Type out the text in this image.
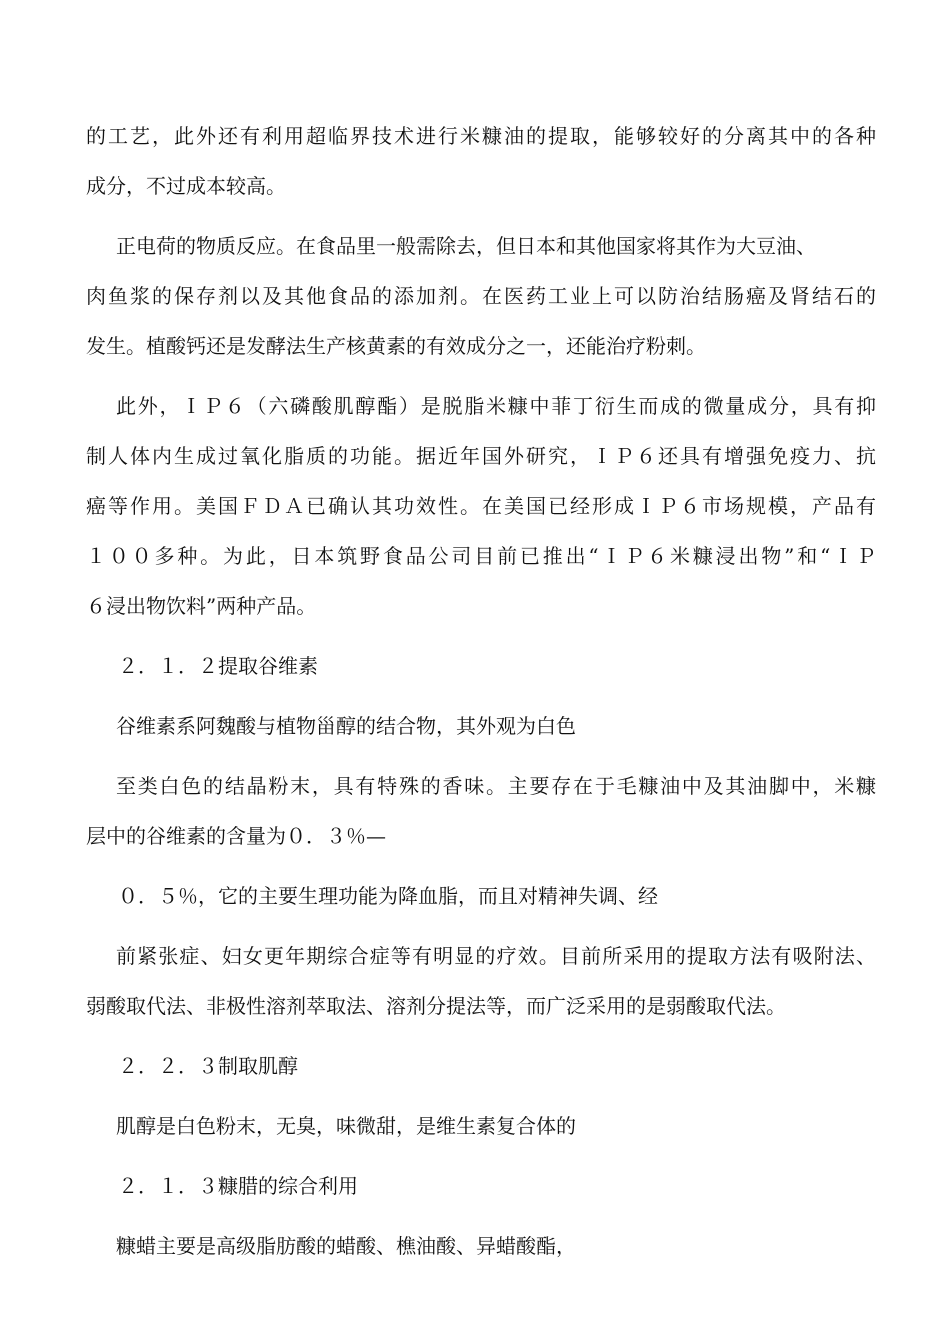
的工艺，此外还有利用超临界技术进行米糠油的提取，能够较好的分离其中的各种
成分，不过成本较高。
正电荷的物质反应。在食品里一般需除去，但日本和其他国家将其作为大豆油、
肉鱼浆的保存剂以及其他食品的添加剂。在医药工业上可以防治结肠癌及肾结石的
发生。植酸钙还是发酵法生产核黄素的有效成分之一，还能治疗粉刺。
此外，ＩＰ６（六磷酸肌醇酯）是脱脂米糠中菲丁衍生而成的微量成分，具有抑
制人体内生成过氧化脂质的功能。据近年国外研究，ＩＰ６还具有增强免疫力、抗
癌等作用。美国ＦＤＡ已确认其功效性。在美国已经形成ＩＰ６市场规模，产品有
１００多种。为此，日本筑野食品公司目前已推出“ＩＰ６米糠浸出物”和“ＩＰ
６浸出物饮料”两种产品。
２．１．２提取谷维素
谷维素系阿魏酸与植物甾醇的结合物，其外观为白色
至类白色的结晶粉末，具有特殊的香味。主要存在于毛糠油中及其油脚中，米糠
层中的谷维素的含量为０．３％—
０．５％，它的主要生理功能为降血脂，而且对精神失调、经
前紧张症、妇女更年期综合症等有明显的疗效。目前所采用的提取方法有吸附法、
弱酸取代法、非极性溶剂萃取法、溶剂分提法等，而广泛采用的是弱酸取代法。
２．２．３制取肌醇
肌醇是白色粉末，无臭，味微甜，是维生素复合体的
２．１．３糠腊的综合利用
糠蜡主要是高级脂肪酸的蜡酸、樵油酸、异蜡酸酯，
